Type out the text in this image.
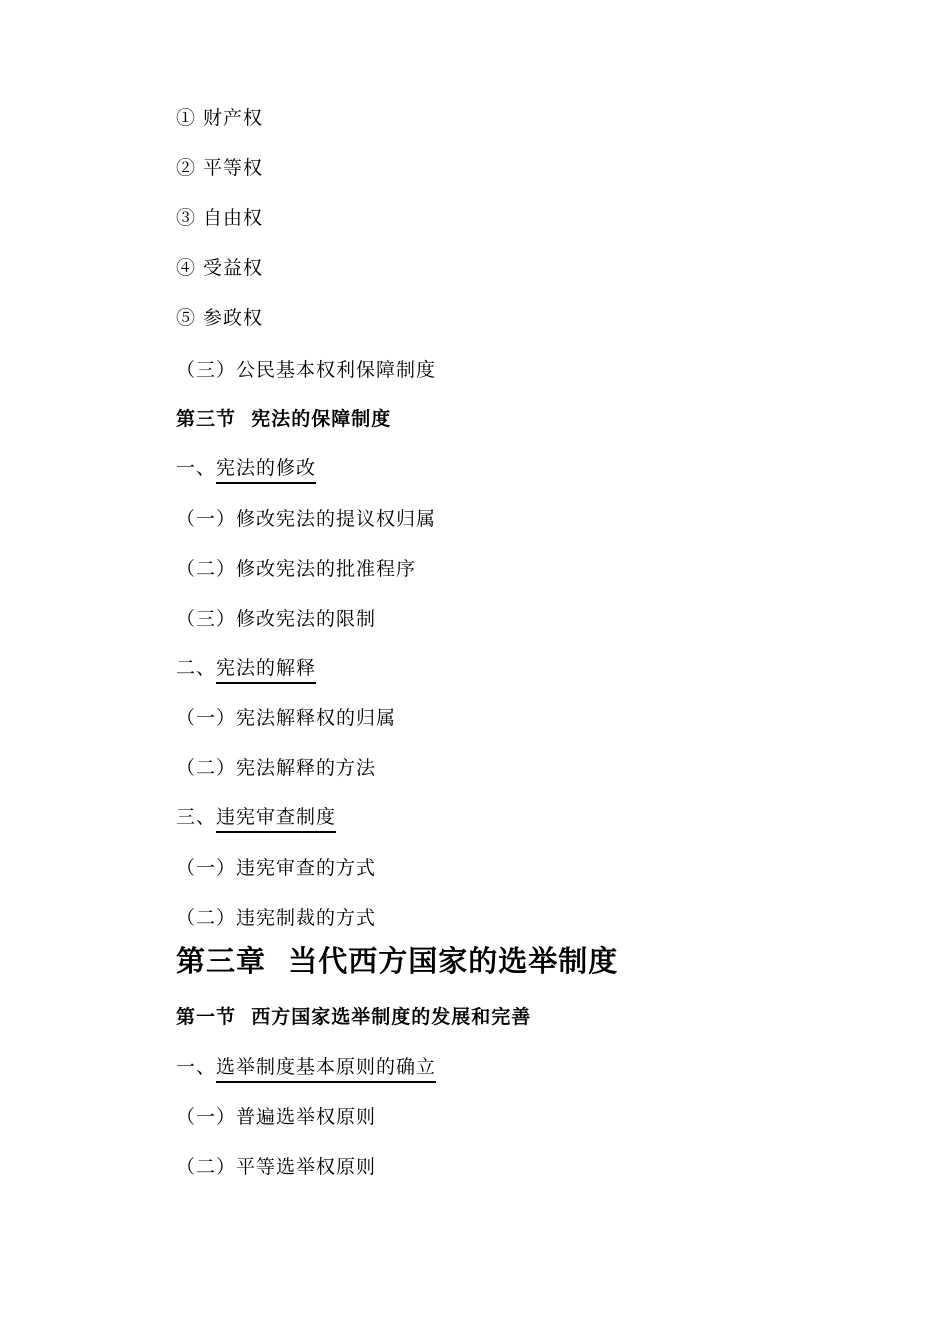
① 财产权
② 平等权
③ 自由权
④ 受益权
⑤ 参政权
（三）公民基本权利保障制度
第三节 宪法的保障制度
一、宪法的修改
（一）修改宪法的提议权归属
（二）修改宪法的批准程序
（三）修改宪法的限制
二、宪法的解释
（一）宪法解释权的归属
（二）宪法解释的方法
三、违宪审查制度
（一）违宪审查的方式
（二）违宪制裁的方式
第三章 当代西方国家的选举制度
第一节 西方国家选举制度的发展和完善
一、选举制度基本原则的确立
（一）普遍选举权原则
（二）平等选举权原则
